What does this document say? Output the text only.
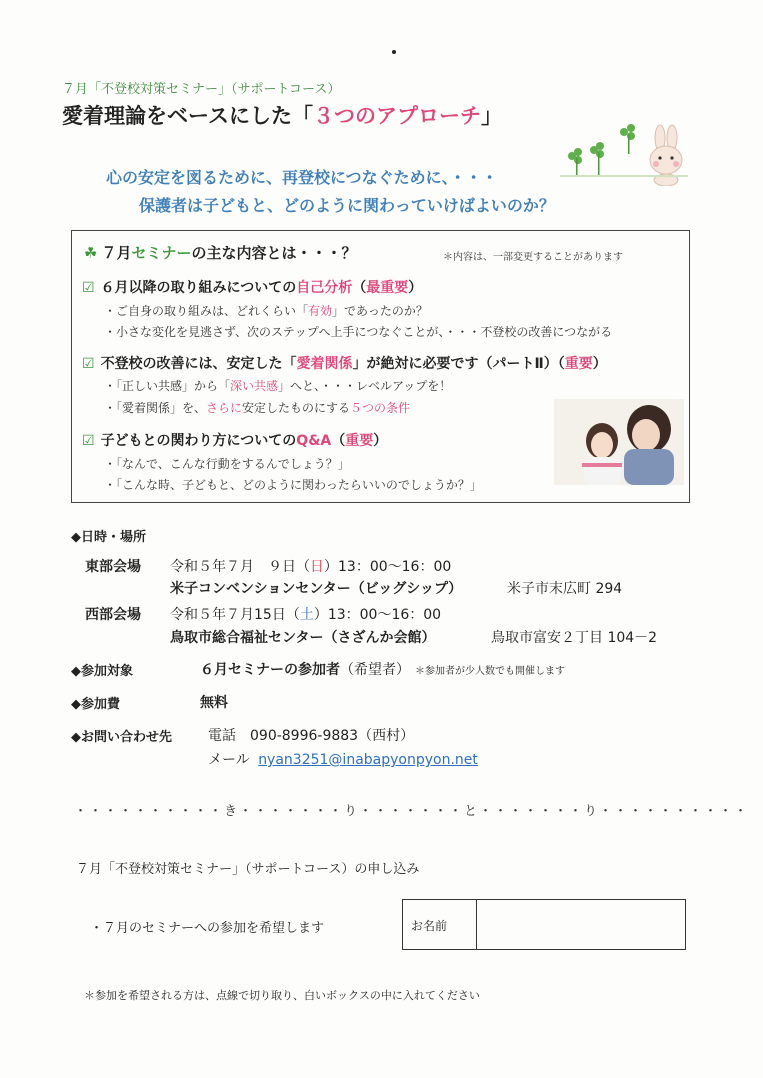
７月「不登校対策セミナー」（サポートコース）
愛着理論をベースにした「３つのアプローチ」
心の安定を図るために、再登校につなぐために、・・・
保護者は子どもと、どのように関わっていけばよいのか？
☘ ７月セミナーの主な内容とは・・・？	＊内容は、一部変更することがあります
☑ ６月以降の取り組みについての自己分析（最重要）
・ご自身の取り組みは、どれくらい「有効」であったのか？
・小さな変化を見逃さず、次のステップへ上手につなぐことが、・・・不登校の改善につながる
☑ 不登校の改善には、安定した「愛着関係」が絶対に必要です（パートⅡ）（重要）
・「正しい共感」から「深い共感」へと、・・・レベルアップを！
・「愛着関係」を、さらに安定したものにする５つの条件
☑ 子どもとの関わり方についてのQ&A（重要）
・「なんで、こんな行動をするんでしょう？」
・「こんな時、子どもと、どのように関わったらいいのでしょうか？」
◆日時・場所
東部会場 令和５年７月　９日（日）13：00～16：00
米子コンベンションセンター（ビッグシップ）	米子市末広町 294
西部会場 令和５年７月15日（土）13：00～16：00
鳥取市総合福祉センター（さざんか会館）	鳥取市富安２丁目 104－2
◆参加対象	６月セミナーの参加者（希望者） ＊参加者が少人数でも開催します
◆参加費	無料
◆お問い合わせ先	電話　090-8996-9883（西村）
メール nyan3251@inabapyonpyon.net
・・・・・・・・・・き・・・・・・・り・・・・・・・と・・・・・・・り・・・・・・・・・・
７月「不登校対策セミナー」（サポートコース）の申し込み
・７月のセミナーへの参加を希望します	お名前
＊参加を希望される方は、点線で切り取り、白いボックスの中に入れてください
